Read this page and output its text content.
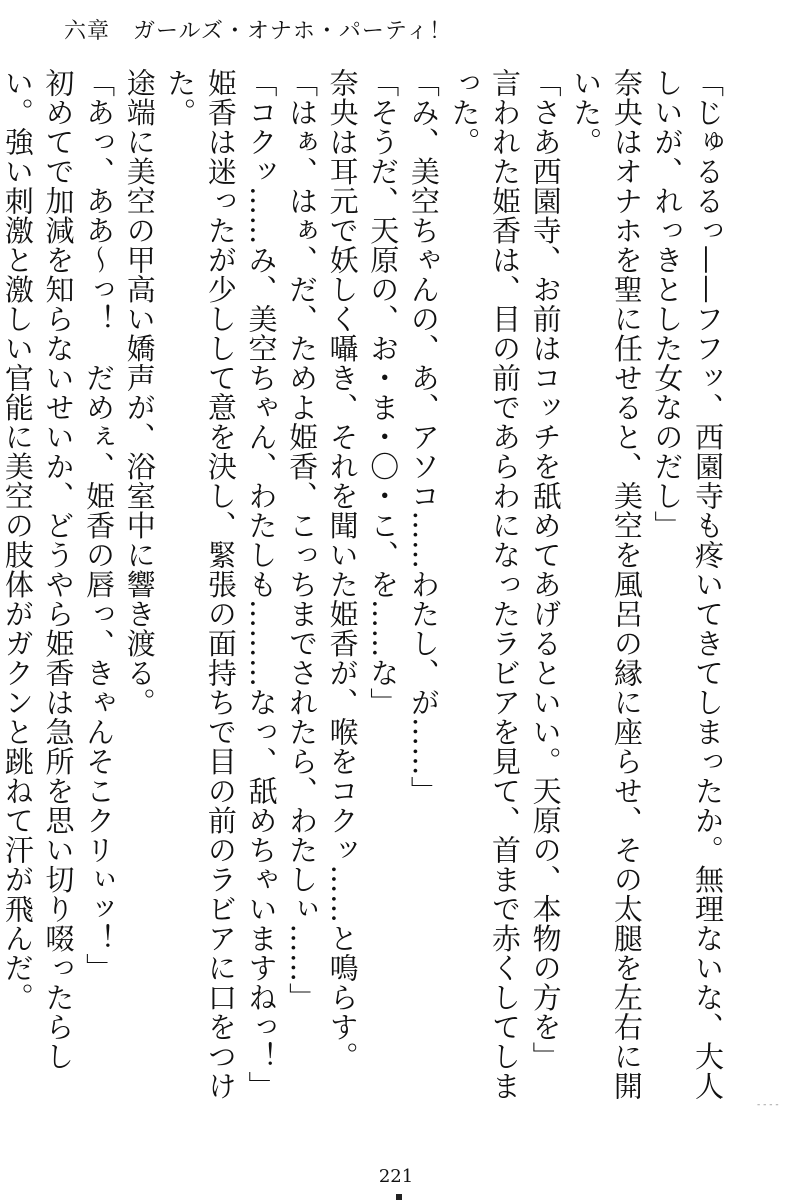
六章　ガールズ・オナホ・パーティ！

「じゅるるっ——フフッ、西園寺も疼いてきてしまったか。無理ないな、大人しいが、れっきとした女なのだし」

奈央はオナホを聖に任せると、美空を風呂の縁に座らせ、その太腿を左右に開いた。

「さあ西園寺、お前はコッチを舐めてあげるといい。天原の、本物の方を」

言われた姫香は、目の前であらわになったラビアを見て、首まで赤くしてしまった。

「み、美空ちゃんの、あ、アソコ……わたし、が……」

「そうだ、天原の、お・ま・〇・こ、を……な」

奈央は耳元で妖しく囁き、それを聞いた姫香が、喉をコクッ……と鳴らす。

「はぁ、はぁ、だ、ためよ姫香、こっちまでされたら、わたしぃ……」

「コクッ……み、美空ちゃん、わたしも………なっ、舐めちゃいますねっ！」

姫香は迷ったが少しして意を決し、緊張の面持ちで目の前のラビアに口をつけた。

途端に美空の甲高い嬌声が、浴室中に響き渡る。

「あっ、ああ～っ！　だめぇ、姫香の唇っ、きゃんそこクリぃッ！」

初めてで加減を知らないせいか、どうやら姫香は急所を思い切り啜ったらしい。強い刺激と激しい官能に美空の肢体がガクンと跳ねて汗が飛んだ。

- - - -
221
